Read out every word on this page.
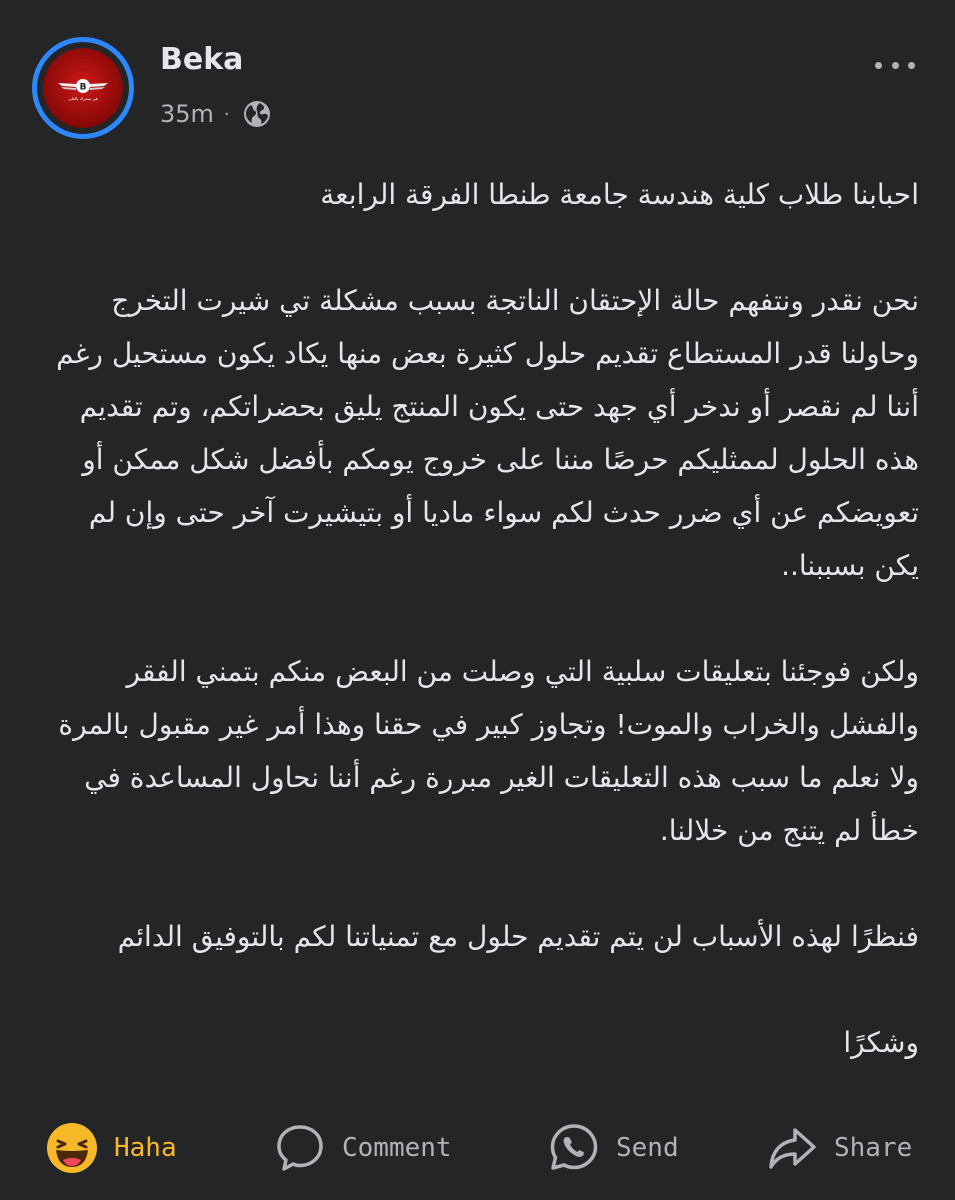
B
في صحرك بالعلي
Beka
35m ·

احبابنا طلاب كلية هندسة جامعة طنطا الفرقة الرابعة

نحن نقدر ونتفهم حالة الإحتقان الناتجة بسبب مشكلة تي شيرت التخرج وحاولنا قدر المستطاع تقديم حلول كثيرة بعض منها يكاد يكون مستحيل رغم أننا لم نقصر أو ندخر أي جهد حتى يكون المنتج يليق بحضراتكم، وتم تقديم هذه الحلول لممثليكم حرصًا مننا على خروج يومكم بأفضل شكل ممكن أو تعويضكم عن أي ضرر حدث لكم سواء ماديا أو بتيشيرت آخر حتى وإن لم يكن بسببنا..

ولكن فوجئنا بتعليقات سلبية التي وصلت من البعض منكم بتمني الفقر والفشل والخراب والموت! وتجاوز كبير في حقنا وهذا أمر غير مقبول بالمرة ولا نعلم ما سبب هذه التعليقات الغير مبررة رغم أننا نحاول المساعدة في خطأ لم يتنج من خلالنا.

فنظرًا لهذه الأسباب لن يتم تقديم حلول مع تمنياتنا لكم بالتوفيق الدائم

وشكرًا

Haha	Comment	Send	Share
